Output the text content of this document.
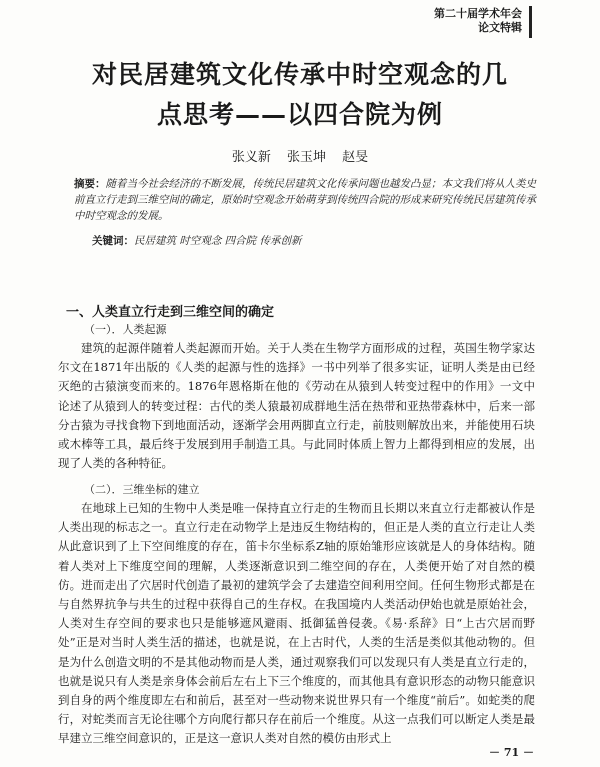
第二十届学术年会
论文特辑
对民居建筑文化传承中时空观念的几
点思考——以四合院为例
张义新 张玉坤 赵旻
摘要：随着当今社会经济的不断发展，传统民居建筑文化传承问题也越发凸显；本文我们将从人类史前直立行走到三维空间的确定，原始时空观念开始萌芽到传统四合院的形成来研究传统民居建筑传承中时空观念的发展。
关键词：民居建筑 时空观念 四合院 传承创新
一、人类直立行走到三维空间的确定
（一）．人类起源
建筑的起源伴随着人类起源而开始。关于人类在生物学方面形成的过程，英国生物学家达尔文在1871年出版的《人类的起源与性的选择》一书中列举了很多实证，证明人类是由已经灭绝的古猿演变而来的。1876年恩格斯在他的《劳动在从猿到人转变过程中的作用》一文中论述了从猿到人的转变过程：古代的类人猿最初成群地生活在热带和亚热带森林中，后来一部分古猿为寻找食物下到地面活动，逐渐学会用两脚直立行走，前肢则解放出来，并能使用石块或木棒等工具，最后终于发展到用手制造工具。与此同时体质上智力上都得到相应的发展，出现了人类的各种特征。
（二）．三维坐标的建立
在地球上已知的生物中人类是唯一保持直立行走的生物而且长期以来直立行走都被认作是人类出现的标志之一。直立行走在动物学上是违反生物结构的，但正是人类的直立行走让人类从此意识到了上下空间维度的存在，笛卡尔坐标系Z轴的原始雏形应该就是人的身体结构。随着人类对上下维度空间的理解，人类逐渐意识到二维空间的存在，人类便开始了对自然的模仿。进而走出了穴居时代创造了最初的建筑学会了去建造空间利用空间。任何生物形式都是在与自然界抗争与共生的过程中获得自己的生存权。在我国境内人类活动伊始也就是原始社会，人类对生存空间的要求也只是能够遮风避雨、抵御猛兽侵袭。《易·系辞》日“上古穴居而野处”正是对当时人类生活的描述，也就是说，在上古时代，人类的生活是类似其他动物的。但是为什么创造文明的不是其他动物而是人类，通过观察我们可以发现只有人类是直立行走的，也就是说只有人类是亲身体会前后左右上下三个维度的，而其他具有意识形态的动物只能意识到自身的两个维度即左右和前后，甚至对一些动物来说世界只有一个维度“前后”。如蛇类的爬行，对蛇类而言无论往哪个方向爬行都只存在前后一个维度。从这一点我们可以断定人类是最早建立三维空间意识的，正是这一意识人类对自然的模仿由形式上
－ 71 －
